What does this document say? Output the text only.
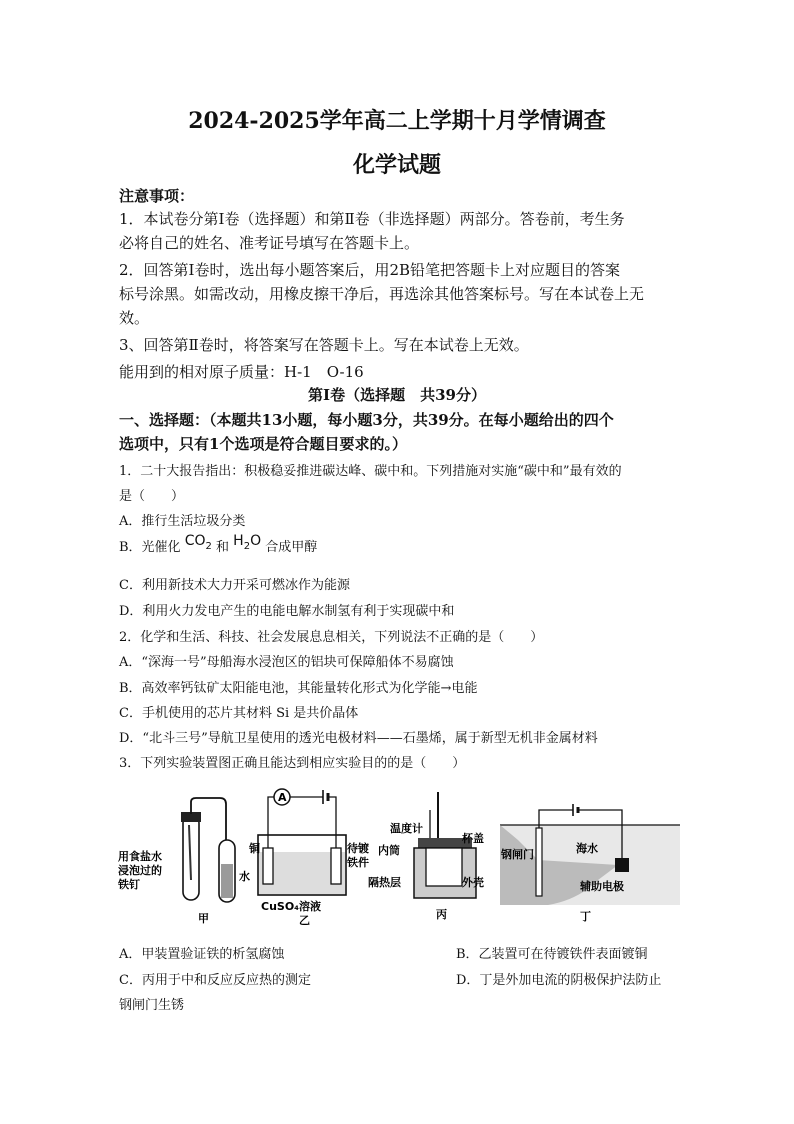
2024-2025学年高二上学期十月学情调查
化学试题
注意事项：
1．本试卷分第Ⅰ卷（选择题）和第Ⅱ卷（非选择题）两部分。答卷前，考生务
必将自己的姓名、准考证号填写在答题卡上。
2．回答第Ⅰ卷时，选出每小题答案后，用2B铅笔把答题卡上对应题目的答案
标号涂黑。如需改动，用橡皮擦干净后，再选涂其他答案标号。写在本试卷上无
效。
3、回答第Ⅱ卷时，将答案写在答题卡上。写在本试卷上无效。
能用到的相对原子质量：H-1　O-16
第Ⅰ卷（选择题　共39分）
一、选择题：（本题共13小题，每小题3分，共39分。在每小题给出的四个
选项中，只有1个选项是符合题目要求的。）
1．二十大报告指出：积极稳妥推进碳达峰、碳中和。下列措施对实施“碳中和”最有效的
是（　　）
A．推行生活垃圾分类
B．光催化 $CO_2$ 和 $H_2O$ 合成甲醇
C．利用新技术大力开采可燃冰作为能源
D．利用火力发电产生的电能电解水制氢有利于实现碳中和
2．化学和生活、科技、社会发展息息相关，下列说法不正确的是（　　）
A．“深海一号”母船海水浸泡区的铝块可保障船体不易腐蚀
B．高效率钙钛矿太阳能电池，其能量转化形式为化学能→电能
C．手机使用的芯片其材料 Si 是共价晶体
D．“北斗三号”导航卫星使用的透光电极材料——石墨烯，属于新型无机非金属材料
3．下列实验装置图正确且能达到相应实验目的的是（　　）
用食盐水
浸泡过的
铁钉
水
甲
A
铜	待镀
铁件
CuSO₄溶液
乙
温度计
内筒
杯盖
隔热层	外壳
丙
钢闸门	海水
辅助电极
丁
A．甲装置验证铁的析氢腐蚀	B．乙装置可在待镀铁件表面镀铜
C．丙用于中和反应反应热的测定	D．丁是外加电流的阴极保护法防止
钢闸门生锈
